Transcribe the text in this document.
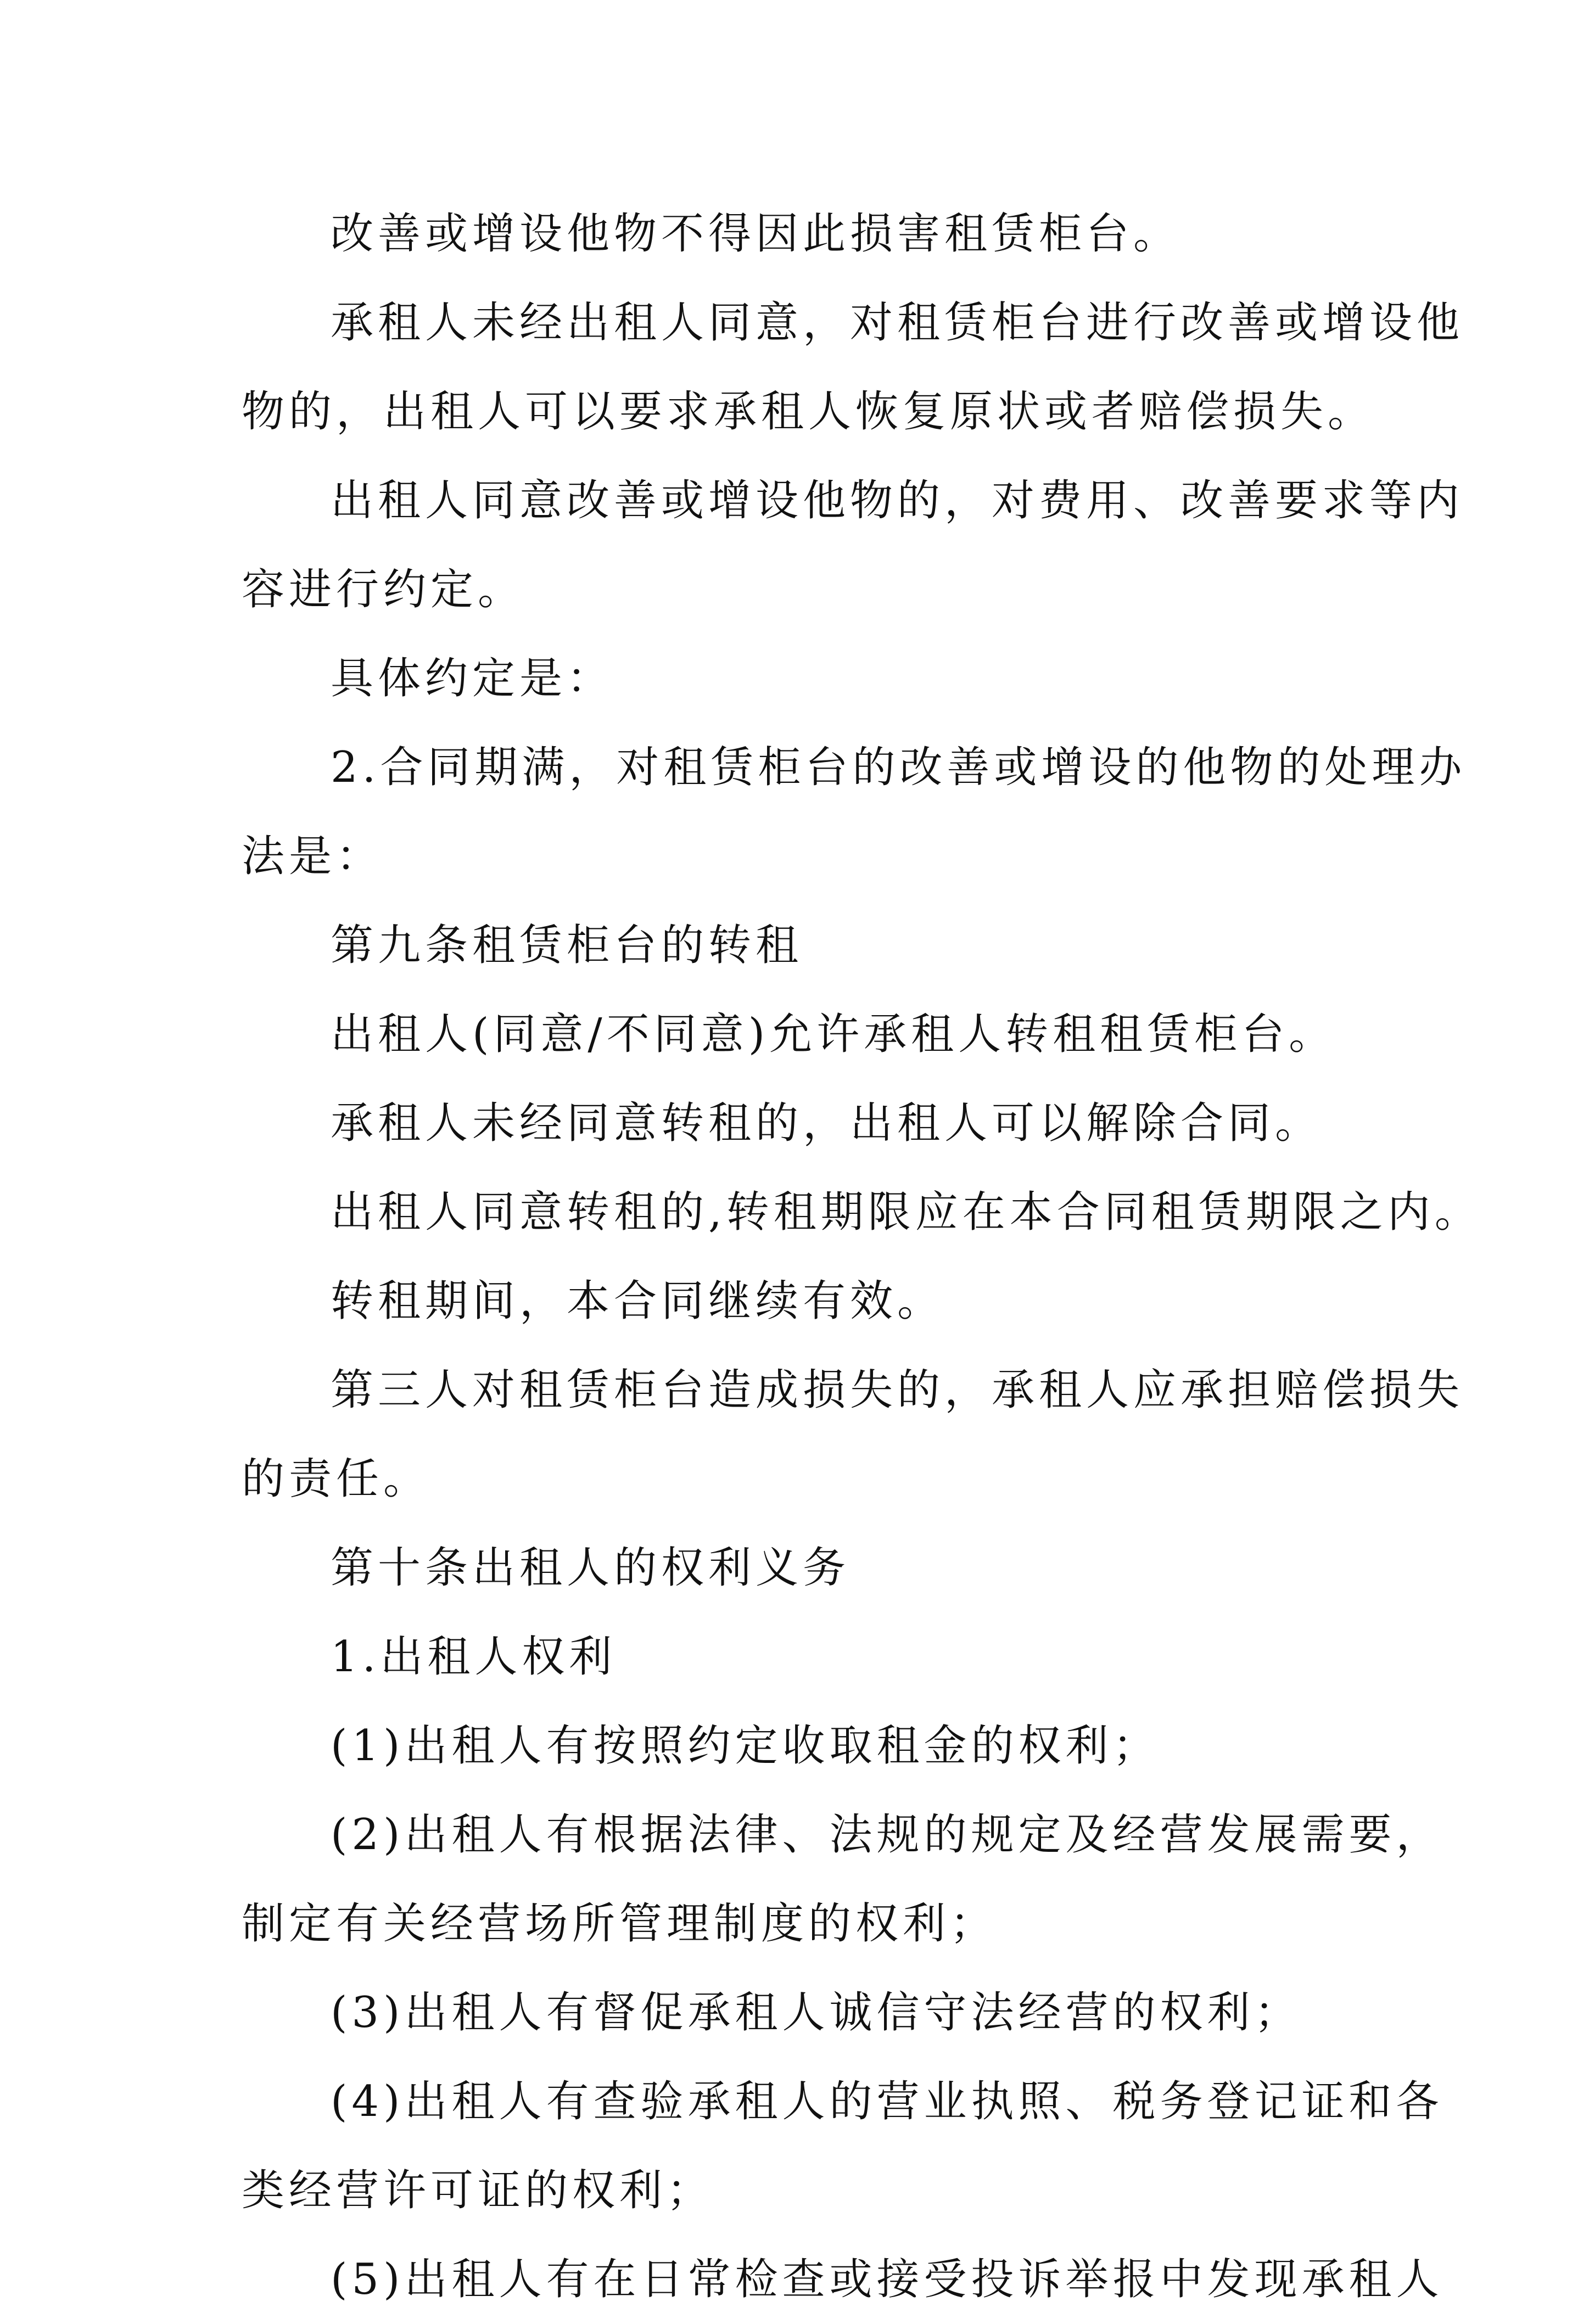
改善或增设他物不得因此损害租赁柜台。
承租人未经出租人同意，对租赁柜台进行改善或增设他
物的，出租人可以要求承租人恢复原状或者赔偿损失。
出租人同意改善或增设他物的，对费用、改善要求等内
容进行约定。
具体约定是：
2.合同期满，对租赁柜台的改善或增设的他物的处理办
法是：
第九条租赁柜台的转租
出租人(同意/不同意)允许承租人转租租赁柜台。
承租人未经同意转租的，出租人可以解除合同。
出租人同意转租的,转租期限应在本合同租赁期限之内。
转租期间，本合同继续有效。
第三人对租赁柜台造成损失的，承租人应承担赔偿损失
的责任。
第十条出租人的权利义务
1.出租人权利
(1)出租人有按照约定收取租金的权利；
(2)出租人有根据法律、法规的规定及经营发展需要，
制定有关经营场所管理制度的权利；
(3)出租人有督促承租人诚信守法经营的权利；
(4)出租人有查验承租人的营业执照、税务登记证和各
类经营许可证的权利；
(5)出租人有在日常检查或接受投诉举报中发现承租人
